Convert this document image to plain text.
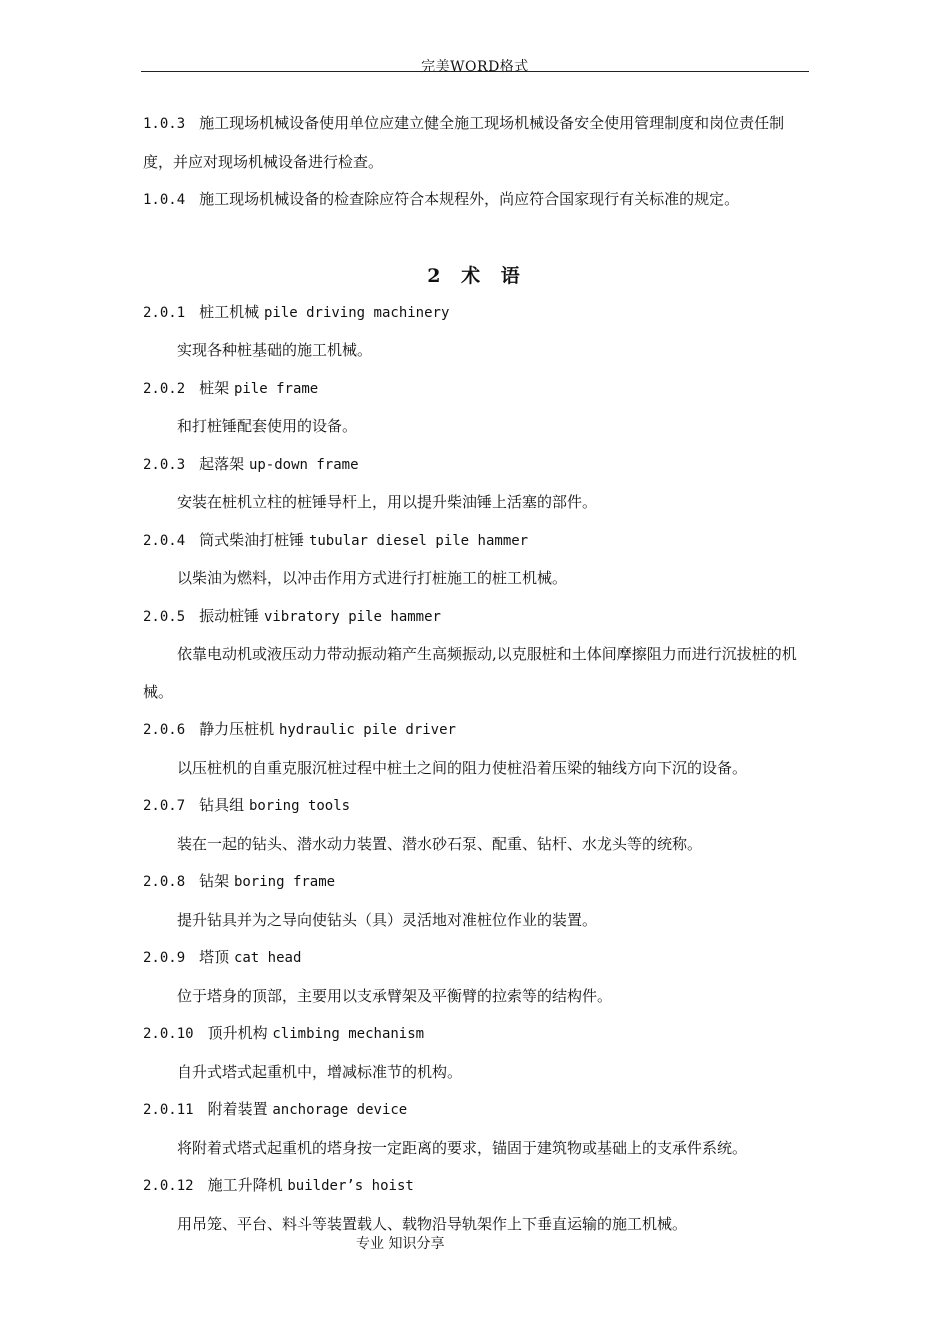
完美WORD格式

1.0.3 施工现场机械设备使用单位应建立健全施工现场机械设备安全使用管理制度和岗位责任制度，并应对现场机械设备进行检查。

1.0.4 施工现场机械设备的检查除应符合本规程外，尚应符合国家现行有关标准的规定。

2 术 语

2.0.1 桩工机械 pile driving machinery

实现各种桩基础的施工机械。

2.0.2 桩架 pile frame

和打桩锤配套使用的设备。

2.0.3 起落架 up-down frame

安装在桩机立柱的桩锤导杆上，用以提升柴油锤上活塞的部件。

2.0.4 筒式柴油打桩锤 tubular diesel pile hammer

以柴油为燃料，以冲击作用方式进行打桩施工的桩工机械。

2.0.5 振动桩锤 vibratory pile hammer

依靠电动机或液压动力带动振动箱产生高频振动,以克服桩和土体间摩擦阻力而进行沉拔桩的机械。

2.0.6 静力压桩机 hydraulic pile driver

以压桩机的自重克服沉桩过程中桩土之间的阻力使桩沿着压梁的轴线方向下沉的设备。

2.0.7 钻具组 boring tools

装在一起的钻头、潜水动力装置、潜水砂石泵、配重、钻杆、水龙头等的统称。

2.0.8 钻架 boring frame

提升钻具并为之导向使钻头（具）灵活地对准桩位作业的装置。

2.0.9 塔顶 cat head

位于塔身的顶部，主要用以支承臂架及平衡臂的拉索等的结构件。

2.0.10 顶升机构 climbing mechanism

自升式塔式起重机中，增减标准节的机构。

2.0.11 附着装置 anchorage device

将附着式塔式起重机的塔身按一定距离的要求，锚固于建筑物或基础上的支承件系统。

2.0.12 施工升降机 builder’s hoist

用吊笼、平台、料斗等装置载人、载物沿导轨架作上下垂直运输的施工机械。

专业 知识分享
